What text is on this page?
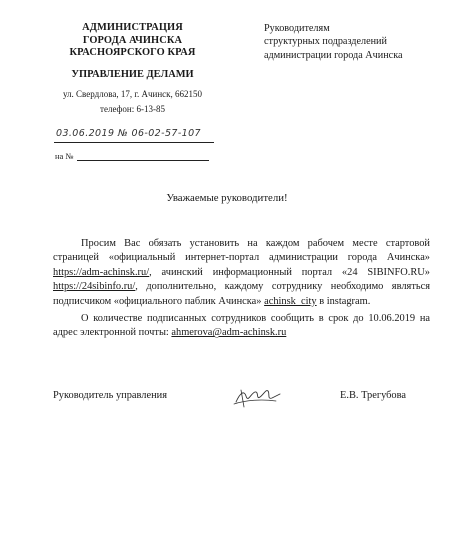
АДМИНИСТРАЦИЯ
ГОРОДА АЧИНСКА
КРАСНОЯРСКОГО КРАЯ
УПРАВЛЕНИЕ ДЕЛАМИ
ул. Свердлова, 17, г. Ачинск, 662150
телефон: 6-13-85
Руководителям
структурных подразделений
администрации города Ачинска
03.06.2019 № 06-02-57-107
на №
Уважаемые руководители!

Просим Вас обязать установить на каждом рабочем месте стартовой страницей «официальный интернет-портал администрации города Ачинска» https://adm-achinsk.ru/, ачинский информационный портал «24 SIBINFO.RU» https://24sibinfo.ru/, дополнительно, каждому сотруднику необходимо являться подписчиком «официального паблик Ачинска» achinsk_city в instagram.

О количестве подписанных сотрудников сообщить в срок до 10.06.2019 на адрес электронной почты: ahmerova@adm-achinsk.ru

Руководитель управления	Е.В. Трегубова
